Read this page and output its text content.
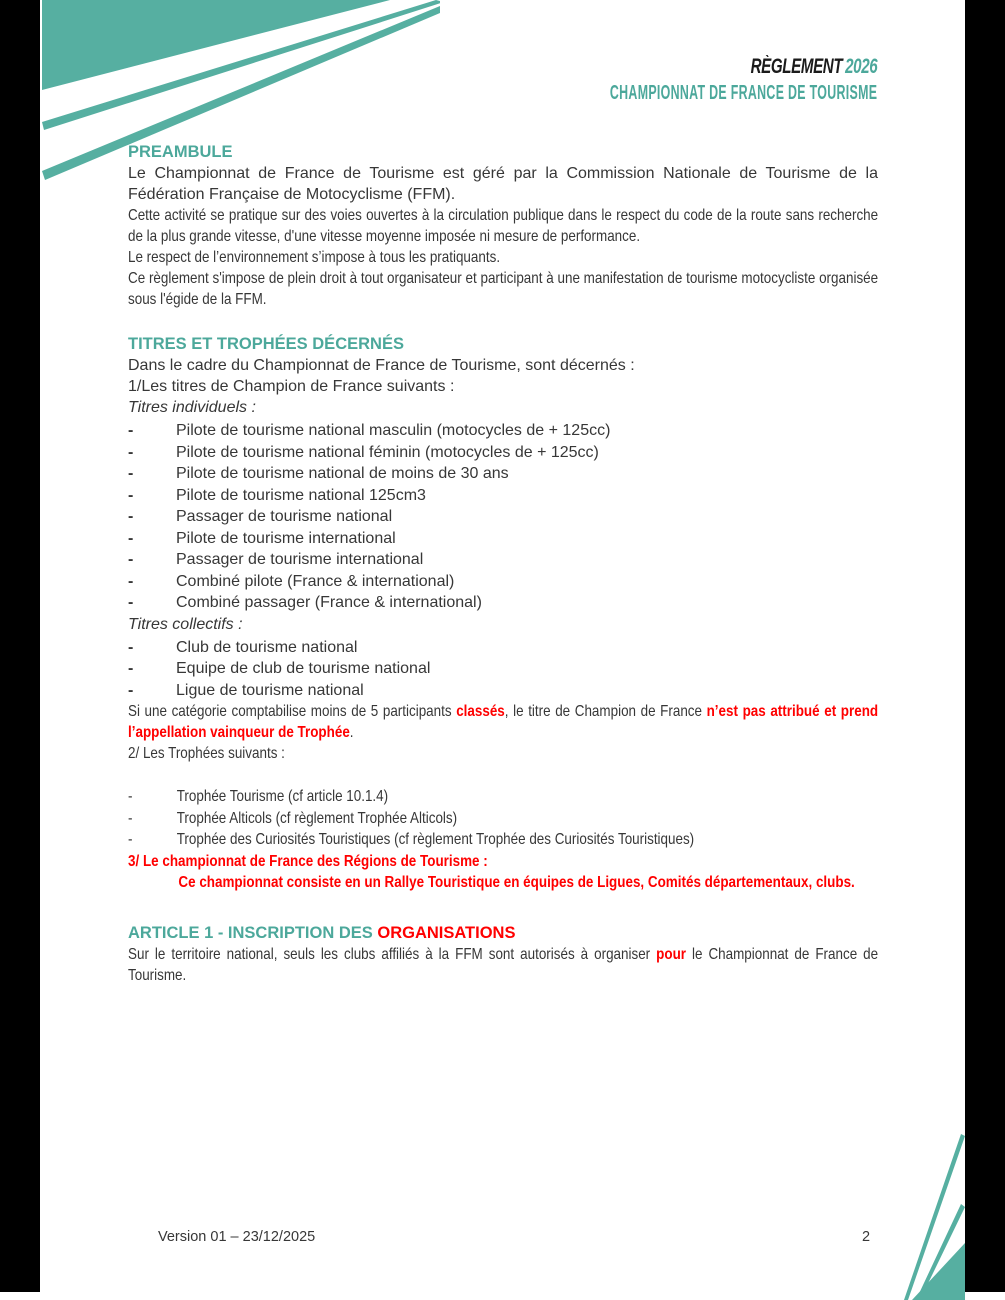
RÈGLEMENT 2026
CHAMPIONNAT DE FRANCE DE TOURISME
PREAMBULE

Le Championnat de France de Tourisme est géré par la Commission Nationale de Tourisme de la Fédération Française de Motocyclisme (FFM).

Cette activité se pratique sur des voies ouvertes à la circulation publique dans le respect du code de la route sans recherche de la plus grande vitesse, d'une vitesse moyenne imposée ni mesure de performance.

Le respect de l’environnement s’impose à tous les pratiquants.

Ce règlement s'impose de plein droit à tout organisateur et participant à une manifestation de tourisme motocycliste organisée sous l'égide de la FFM.

TITRES ET TROPHÉES DÉCERNÉS

Dans le cadre du Championnat de France de Tourisme, sont décernés :

1/Les titres de Champion de France suivants :

Titres individuels :

-	Pilote de tourisme national masculin (motocycles de + 125cc)
-	Pilote de tourisme national féminin (motocycles de + 125cc)
-	Pilote de tourisme national de moins de 30 ans
-	Pilote de tourisme national 125cm3
-	Passager de tourisme national
-	Pilote de tourisme international
-	Passager de tourisme international
-	Combiné pilote (France & international)
-	Combiné passager (France & international)

Titres collectifs :

-	Club de tourisme national
-	Equipe de club de tourisme national
-	Ligue de tourisme national

Si une catégorie comptabilise moins de 5 participants classés, le titre de Champion de France n’est pas attribué et prend l’appellation vainqueur de Trophée.

2/ Les Trophées suivants :

-	Trophée Tourisme (cf article 10.1.4)
-	Trophée Alticols (cf règlement Trophée Alticols)
-	Trophée des Curiosités Touristiques (cf règlement Trophée des Curiosités Touristiques)

3/ Le championnat de France des Régions de Tourisme :

Ce championnat consiste en un Rallye Touristique en équipes de Ligues, Comités départementaux, clubs.

ARTICLE 1 - INSCRIPTION DES ORGANISATIONS

Sur le territoire national, seuls les clubs affiliés à la FFM sont autorisés à organiser pour le Championnat de France de Tourisme.

Version 01 – 23/12/2025	2
